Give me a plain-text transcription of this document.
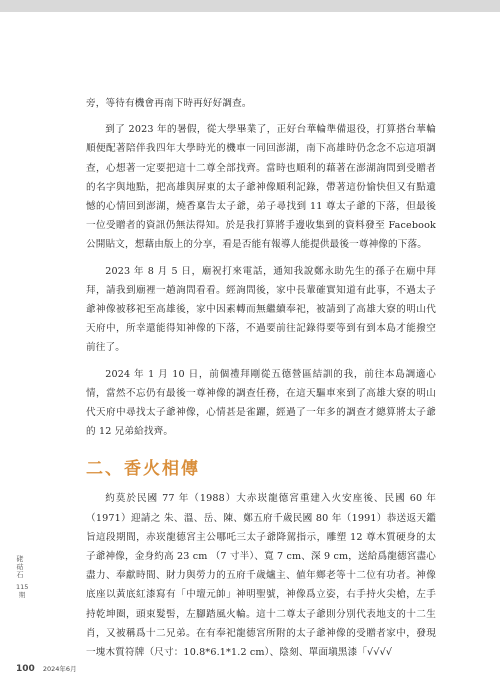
旁，等待有機會再南下時再好好調查。

到了 2023 年的暑假，從大學畢業了，正好台華輪準備退役，打算搭台華輪順便配著陪伴我四年大學時光的機車一同回澎湖，南下高雄時仍念念不忘這項調查，心想著一定要把這十二尊全部找齊。當時也順利的藉著在澎湖詢問到受贈者的名字與地點，把高雄與屏東的太子爺神像順利記錄，帶著這份愉快但又有點遺憾的心情回到澎湖，燒香稟告太子爺，弟子尋找到 11 尊太子爺的下落，但最後一位受贈者的資訊仍無法得知。於是我打算將手邊收集到的資料發至 Facebook 公開貼文，想藉由版上的分享，看是否能有報導人能提供最後一尊神像的下落。

2023 年 8 月 5 日，廟祝打來電話，通知我說鄭永助先生的孫子在廟中拜拜，請我到廟裡一趟詢問看看。經詢問後，家中長輩確實知道有此事，不過太子爺神像被移祀至高雄後，家中因素轉而無繼續奉祀，被請到了高雄大寮的明山代天府中，所幸還能得知神像的下落，不過要前往記錄得要等到有到本島才能撥空前往了。

2024 年 1 月 10 日，前個禮拜剛從五德營區結訓的我，前往本島調適心情，當然不忘仍有最後一尊神像的調查任務，在這天驅車來到了高雄大寮的明山代天府中尋找太子爺神像，心情甚是雀躍，經過了一年多的調查才總算將太子爺的 12 兄弟給找齊。

二、香火相傳

約莫於民國 77 年（1988）大赤崁龍德宮重建入火安座後、民國 60 年（1971）迎請之 朱、溫、岳、陳、鄭五府千歲民國 80 年（1991）恭送返天鑑旨這段期間，赤崁龍德宮主公哪吒三太子爺降駕指示，雕塑 12 尊木質硬身的太子爺神像，金身約高 23 cm （7 寸半）、寬 7 cm、深 9 cm，送給爲龍德宮盡心盡力、奉獻時間、財力與勞力的五府千歲爐主、値年鄉老等十二位有功者。神像底座以黃底紅漆寫有「中壇元帥」神明聖號，神像爲立姿，右手持火尖槍，左手持乾坤圈，頭束髮髻，左腳踏風火輪。這十二尊太子爺則分別代表地支的十二生肖，又被稱爲十二兄弟。在有奉祀龍德宮所附的太子爺神像的受贈者家中，發現一塊木質符牌（尺寸：10.8*6.1*1.2 cm）、陰刻、單面塡黑漆「√√√√

硓𥑮石
115期
100 2024年6月
